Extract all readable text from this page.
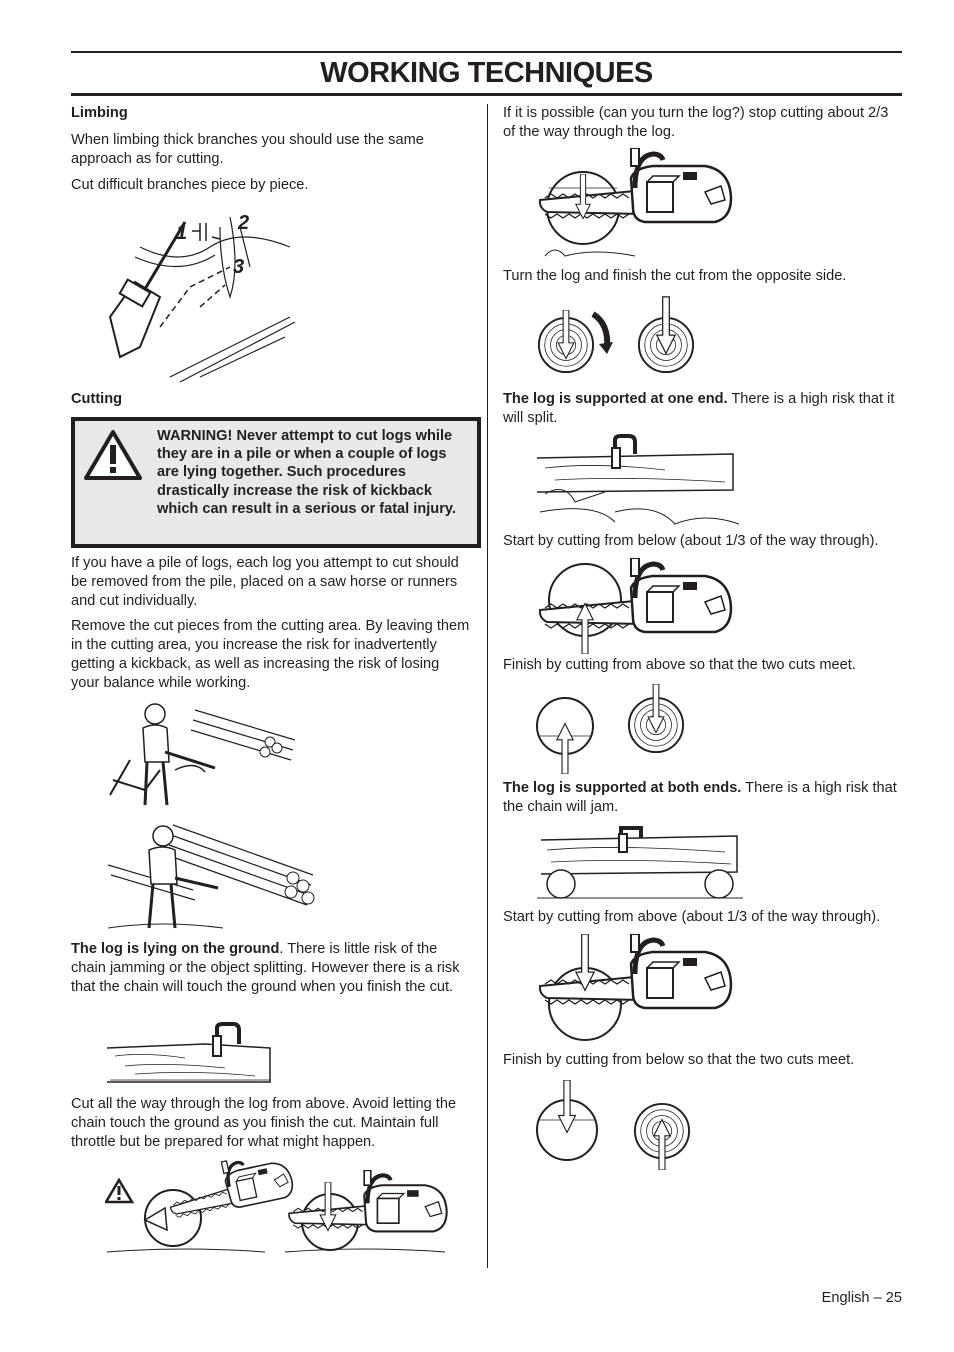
WORKING TECHNIQUES

Limbing

When limbing thick branches you should use the same approach as for cutting.

Cut difficult branches piece by piece.

1	2
3

Cutting

WARNING! Never attempt to cut logs while they are in a pile or when a couple of logs are lying together. Such procedures drastically increase the risk of kickback which can result in a serious or fatal injury.

If you have a pile of logs, each log you attempt to cut should be removed from the pile, placed on a saw horse or runners and cut individually.

Remove the cut pieces from the cutting area. By leaving them in the cutting area, you increase the risk for inadvertently getting a kickback, as well as increasing the risk of losing your balance while working.

The log is lying on the ground. There is little risk of the chain jamming or the object splitting. However there is a risk that the chain will touch the ground when you finish the cut.

Cut all the way through the log from above. Avoid letting the chain touch the ground as you finish the cut. Maintain full throttle but be prepared for what might happen.

If it is possible (can you turn the log?) stop cutting about 2/3 of the way through the log.

Turn the log and finish the cut from the opposite side.

The log is supported at one end. There is a high risk that it will split.

Start by cutting from below (about 1/3 of the way through).

Finish by cutting from above so that the two cuts meet.

The log is supported at both ends. There is a high risk that the chain will jam.

Start by cutting from above (about 1/3 of the way through).

Finish by cutting from below so that the two cuts meet.

English – 25
